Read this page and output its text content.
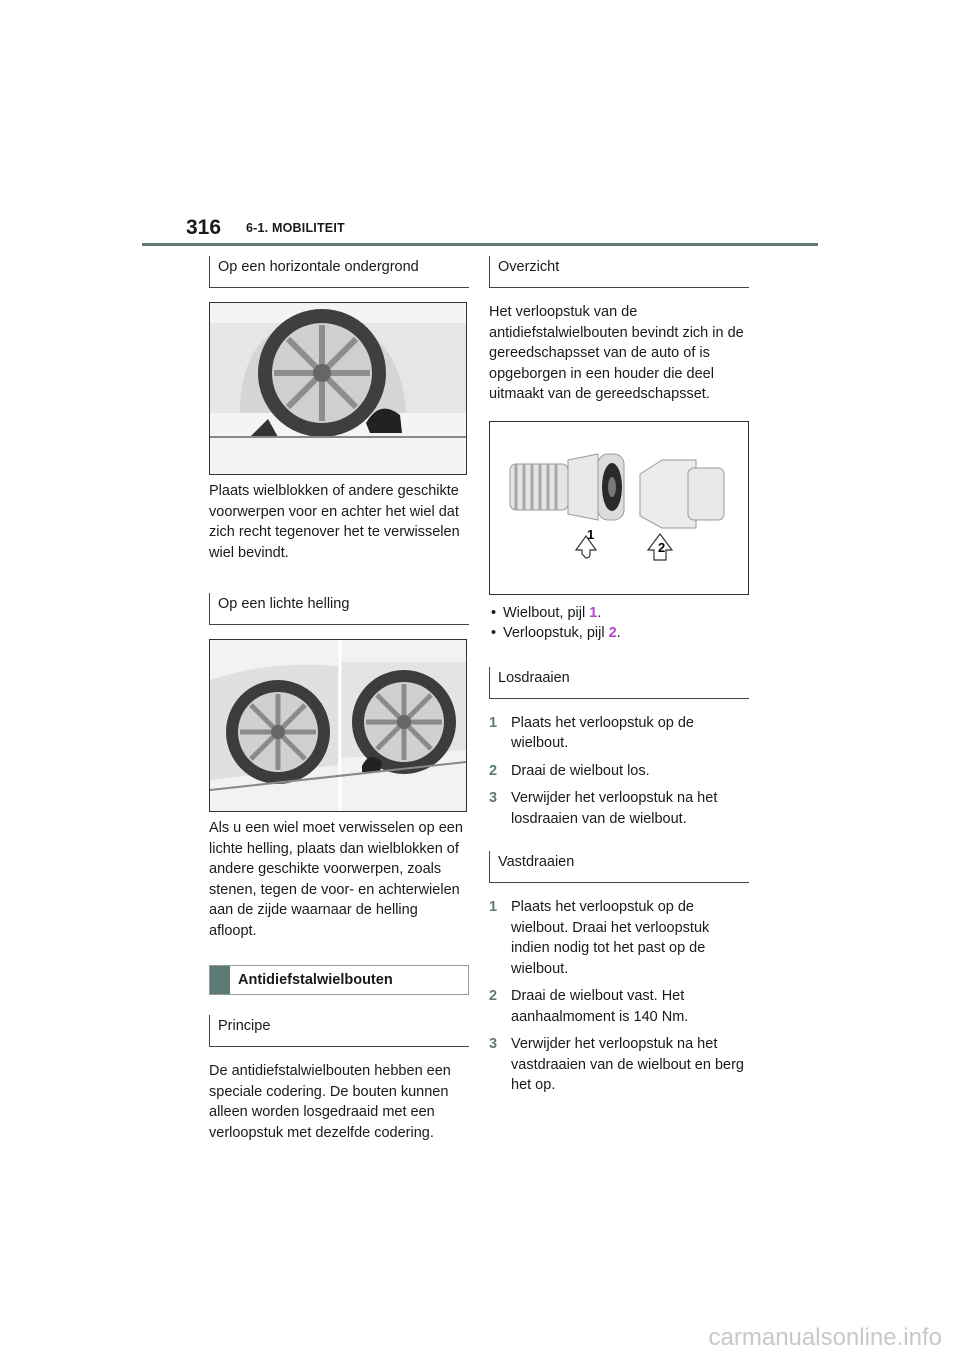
316 6-1. MOBILITEIT
Op een horizontale ondergrond

Plaats wielblokken of andere geschikte voorwerpen voor en achter het wiel dat zich recht tegenover het te verwisselen wiel bevindt.

Op een lichte helling

Als u een wiel moet verwisselen op een lichte helling, plaats dan wielblokken of andere geschikte voorwerpen, zoals stenen, tegen de voor- en achterwielen aan de zijde waarnaar de helling afloopt.

Antidiefstalwielbouten
Principe

De antidiefstalwielbouten hebben een speciale codering. De bouten kunnen alleen worden losgedraaid met een verloopstuk met dezelfde codering.

Overzicht

Het verloopstuk van de antidiefstalwielbouten bevindt zich in de gereedschapsset van de auto of is opgeborgen in een houder die deel uitmaakt van de gereedschapsset.

1
2
• Wielbout, pijl 1.
• Verloopstuk, pijl 2.
Losdraaien
1 Plaats het verloopstuk op de wielbout.
2 Draai de wielbout los.
3 Verwijder het verloopstuk na het losdraaien van de wielbout.
Vastdraaien
1 Plaats het verloopstuk op de wielbout. Draai het verloopstuk indien nodig tot het past op de wielbout.
2 Draai de wielbout vast. Het aanhaalmoment is 140 Nm.
3 Verwijder het verloopstuk na het vastdraaien van de wielbout en berg het op.
carmanualsonline.info
